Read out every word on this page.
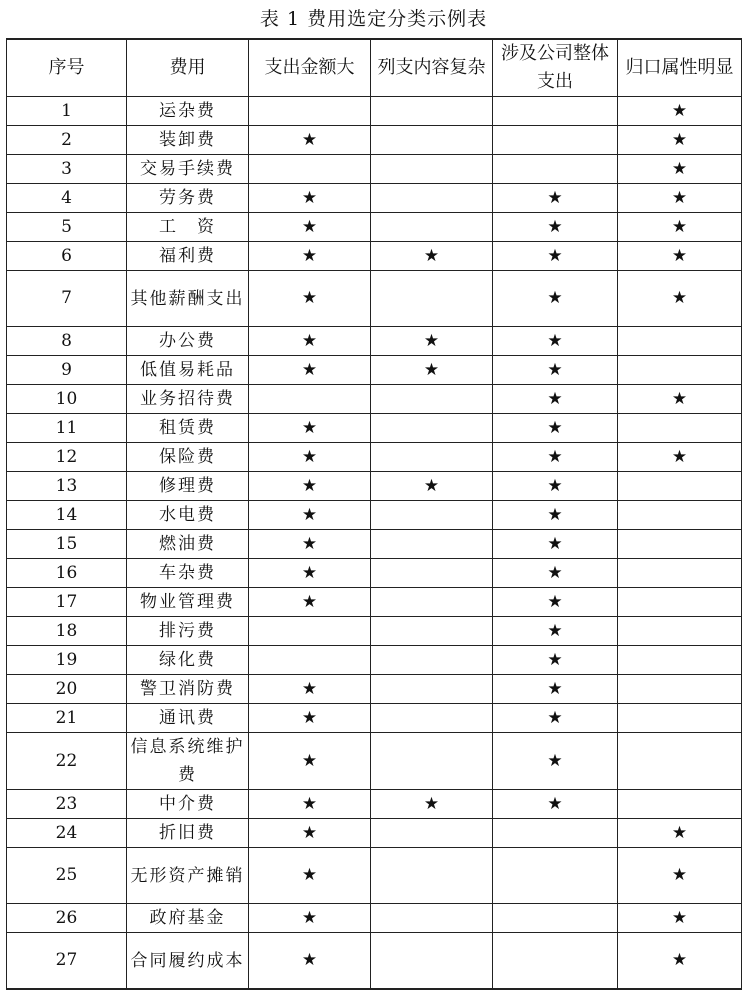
表 1 费用选定分类示例表
序号	费用	支出金额大	列支内容复杂	涉及公司整体支出	归口属性明显
1	运杂费				★
2	装卸费	★			★
3	交易手续费				★
4	劳务费	★		★	★
5	工　资	★		★	★
6	福利费	★	★	★	★
7	其他薪酬支出	★		★	★
8	办公费	★	★	★	
9	低值易耗品	★	★	★	
10	业务招待费			★	★
11	租赁费	★		★	
12	保险费	★		★	★
13	修理费	★	★	★	
14	水电费	★		★	
15	燃油费	★		★	
16	车杂费	★		★	
17	物业管理费	★		★	
18	排污费			★	
19	绿化费			★	
20	警卫消防费	★		★	
21	通讯费	★		★	
22	信息系统维护费	★		★	
23	中介费	★	★	★	
24	折旧费	★			★
25	无形资产摊销	★			★
26	政府基金	★			★
27	合同履约成本	★			★
